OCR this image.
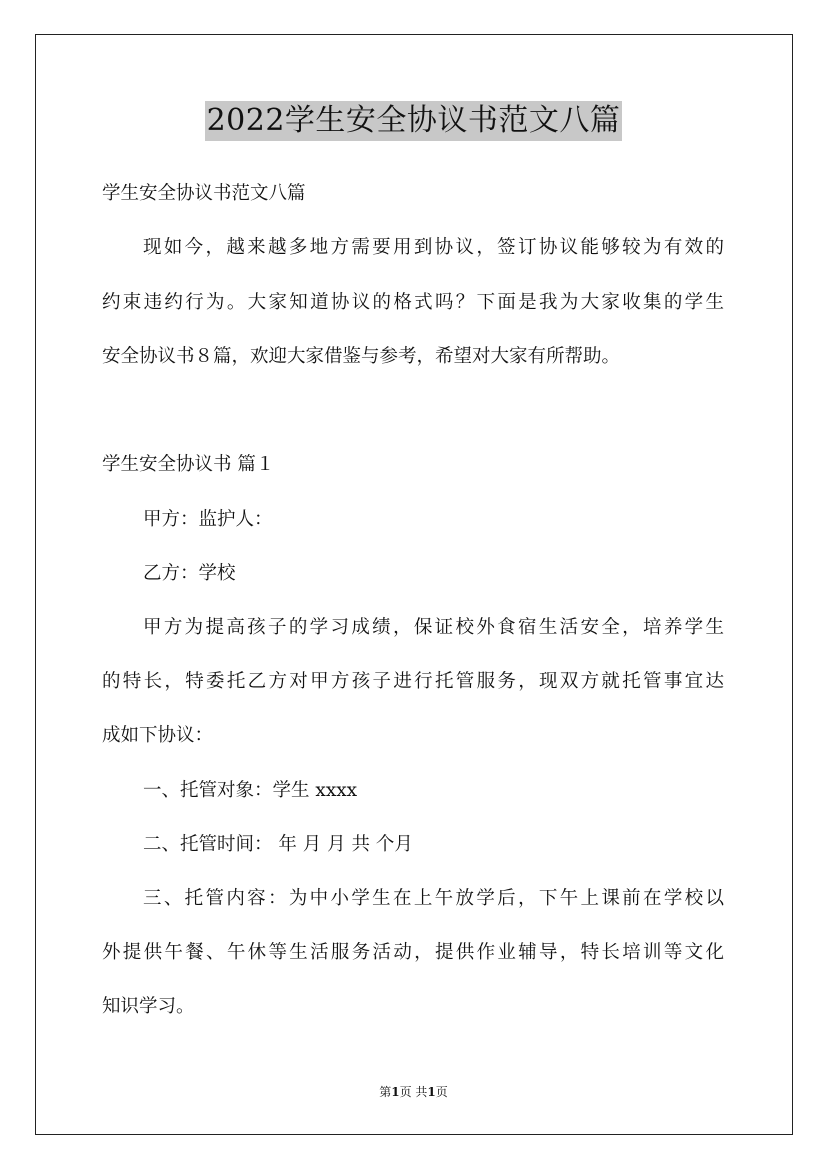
2022学生安全协议书范文八篇
学生安全协议书范文八篇
现如今，越来越多地方需要用到协议，签订协议能够较为有效的
约束违约行为。大家知道协议的格式吗？下面是我为大家收集的学生
安全协议书８篇，欢迎大家借鉴与参考，希望对大家有所帮助。
学生安全协议书 篇１
甲方：监护人：
乙方：学校
甲方为提高孩子的学习成绩，保证校外食宿生活安全，培养学生
的特长，特委托乙方对甲方孩子进行托管服务，现双方就托管事宜达
成如下协议：
一、托管对象：学生 xxxx
二、托管时间： 年 月 月 共 个月
三、托管内容：为中小学生在上午放学后，下午上课前在学校以
外提供午餐、午休等生活服务活动，提供作业辅导，特长培训等文化
知识学习。
第1页 共1页
